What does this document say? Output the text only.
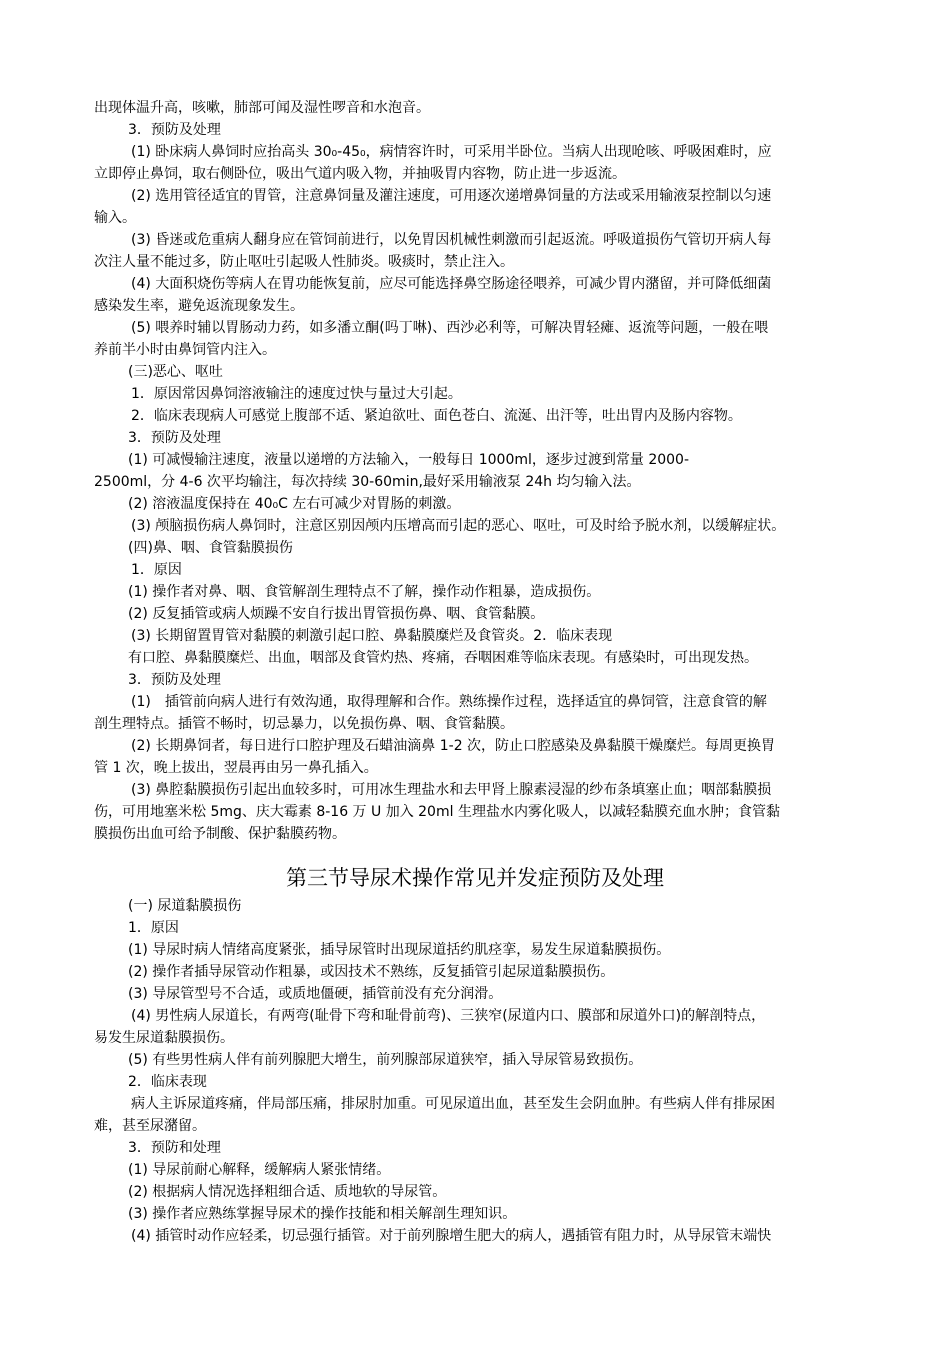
出现体温升高，咳嗽，肺部可闻及湿性啰音和水泡音。
3．预防及处理
(1) 卧床病人鼻饲时应抬高头 30₀-45₀，病情容许时，可采用半卧位。当病人出现呛咳、呼吸困难时，应
立即停止鼻饲，取右侧卧位，吸出气道内吸入物，并抽吸胃内容物，防止进一步返流。
(2) 选用管径适宜的胃管，注意鼻饲量及灌注速度，可用逐次递增鼻饲量的方法或采用输液泵控制以匀速
输入。
(3) 昏迷或危重病人翻身应在管饲前进行，以免胃因机械性刺激而引起返流。呼吸道损伤气管切开病人每
次注人量不能过多，防止呕吐引起吸人性肺炎。吸痰时，禁止注入。
(4) 大面积烧伤等病人在胃功能恢复前，应尽可能选择鼻空肠途径喂养，可减少胃内潴留，并可降低细菌
感染发生率，避免返流现象发生。
(5) 喂养时辅以胃肠动力药，如多潘立酮(吗丁啉)、西沙必利等，可解决胃轻瘫、返流等问题，一般在喂
养前半小时由鼻饲管内注入。
(三)恶心、呕吐
1．原因常因鼻饲溶液输注的速度过快与量过大引起。
2．临床表现病人可感觉上腹部不适、紧迫欲吐、面色苍白、流涎、出汗等，吐出胃内及肠内容物。
3．预防及处理
(1) 可减慢输注速度，液量以递增的方法输入，一般每日 1000ml，逐步过渡到常量 2000-
2500ml，分 4-6 次平均输注，每次持续 30-60min,最好采用输液泵 24h 均匀输入法。
(2) 溶液温度保持在 40₀C 左右可减少对胃肠的刺激。
(3) 颅脑损伤病人鼻饲时，注意区别因颅内压增高而引起的恶心、呕吐，可及时给予脱水剂，以缓解症状。
(四)鼻、咽、食管黏膜损伤
1．原因
(1) 操作者对鼻、咽、食管解剖生理特点不了解，操作动作粗暴，造成损伤。
(2) 反复插管或病人烦躁不安自行拔出胃管损伤鼻、咽、食管黏膜。
(3) 长期留置胃管对黏膜的刺激引起口腔、鼻黏膜糜烂及食管炎。2．临床表现
有口腔、鼻黏膜糜烂、出血，咽部及食管灼热、疼痛，吞咽困难等临床表现。有感染时，可出现发热。
3．预防及处理
(1)　插管前向病人进行有效沟通，取得理解和合作。熟练操作过程，选择适宜的鼻饲管，注意食管的解
剖生理特点。插管不畅时，切忌暴力，以免损伤鼻、咽、食管黏膜。
(2) 长期鼻饲者，每日进行口腔护理及石蜡油滴鼻 1-2 次，防止口腔感染及鼻黏膜干燥糜烂。每周更换胃
管 1 次，晚上拔出，翌晨再由另一鼻孔插入。
(3) 鼻腔黏膜损伤引起出血较多时，可用冰生理盐水和去甲肾上腺素浸湿的纱布条填塞止血；咽部黏膜损
伤，可用地塞米松 5mg、庆大霉素 8-16 万 U 加入 20ml 生理盐水内雾化吸人，以减轻黏膜充血水肿；食管黏
膜损伤出血可给予制酸、保护黏膜药物。
第三节导尿术操作常见并发症预防及处理
(一) 尿道黏膜损伤
1．原因
(1) 导尿时病人情绪高度紧张，插导尿管时出现尿道括约肌痉挛，易发生尿道黏膜损伤。
(2) 操作者插导尿管动作粗暴，或因技术不熟练，反复插管引起尿道黏膜损伤。
(3) 导尿管型号不合适，或质地僵硬，插管前没有充分润滑。
(4) 男性病人尿道长，有两弯(耻骨下弯和耻骨前弯)、三狭窄(尿道内口、膜部和尿道外口)的解剖特点，
易发生尿道黏膜损伤。
(5) 有些男性病人伴有前列腺肥大增生，前列腺部尿道狭窄，插入导尿管易致损伤。
2．临床表现
病人主诉尿道疼痛，伴局部压痛，排尿肘加重。可见尿道出血，甚至发生会阴血肿。有些病人伴有排尿困
难，甚至尿潴留。
3．预防和处理
(1) 导尿前耐心解释，缓解病人紧张情绪。
(2) 根据病人情况选择粗细合适、质地软的导尿管。
(3) 操作者应熟练掌握导尿术的操作技能和相关解剖生理知识。
(4) 插管时动作应轻柔，切忌强行插管。对于前列腺增生肥大的病人，遇插管有阻力时，从导尿管末端快
